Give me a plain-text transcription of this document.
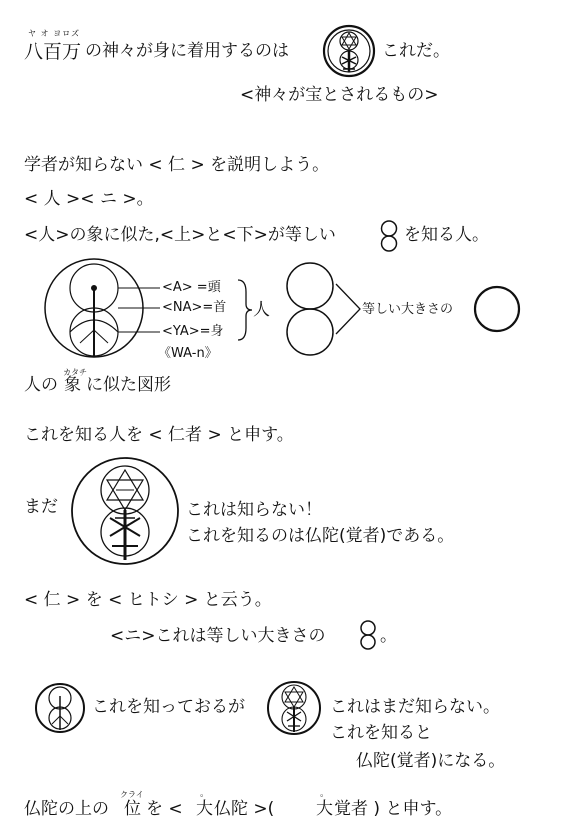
ヤ オ ヨロズ
八百万 の神々が身に着用するのは	これだ。
<神々が宝とされるもの>
学者が知らない < 仁 > を説明しよう。
< 人 >< ニ >。
<人>の象に似た,<上>と<下>が等しい	を知る人。
<A> =頭
<NA>=首
<YA>=身
《WA-n》
人	等しい大きさの
人の
カタチ
象 に似た図形
これを知る人を < 仁者 > と申す。
まだ	これは知らない！
これを知るのは仏陀(覚者)である。
< 仁 > を < ヒトシ > と云う。
<ニ>これは等しい大きさの	。
これを知っておるが	これはまだ知らない。
これを知ると
仏陀(覚者)になる。
仏陀の上の
クライ
位 を <
。
大 仏陀 >(
。
大 覚者 ) と申す。
